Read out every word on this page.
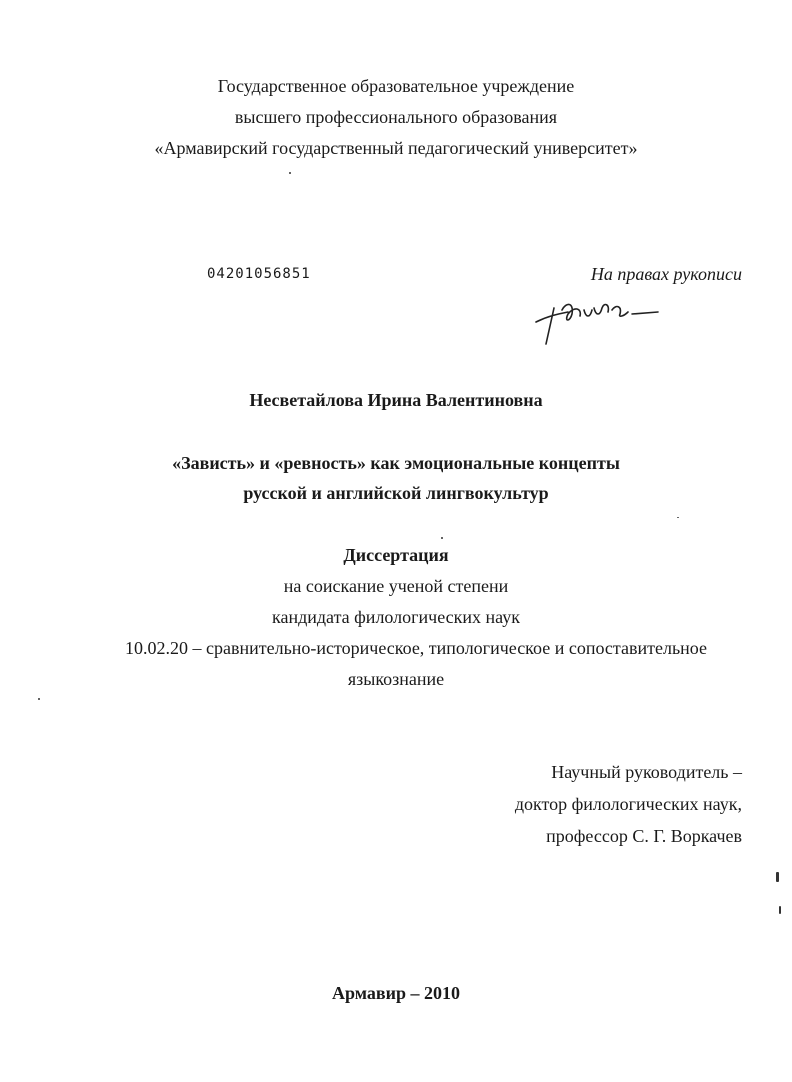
Государственное образовательное учреждение
высшего профессионального образования
«Армавирский государственный педагогический университет»
04201056851	На правах рукописи
Несветайлова Ирина Валентиновна
«Зависть» и «ревность» как эмоциональные концепты
русской и английской лингвокультур
Диссертация
на соискание ученой степени
кандидата филологических наук
10.02.20 – сравнительно-историческое, типологическое и сопоставительное
языкознание
Научный руководитель –
доктор филологических наук,
профессор С. Г. Воркачев
Армавир – 2010
